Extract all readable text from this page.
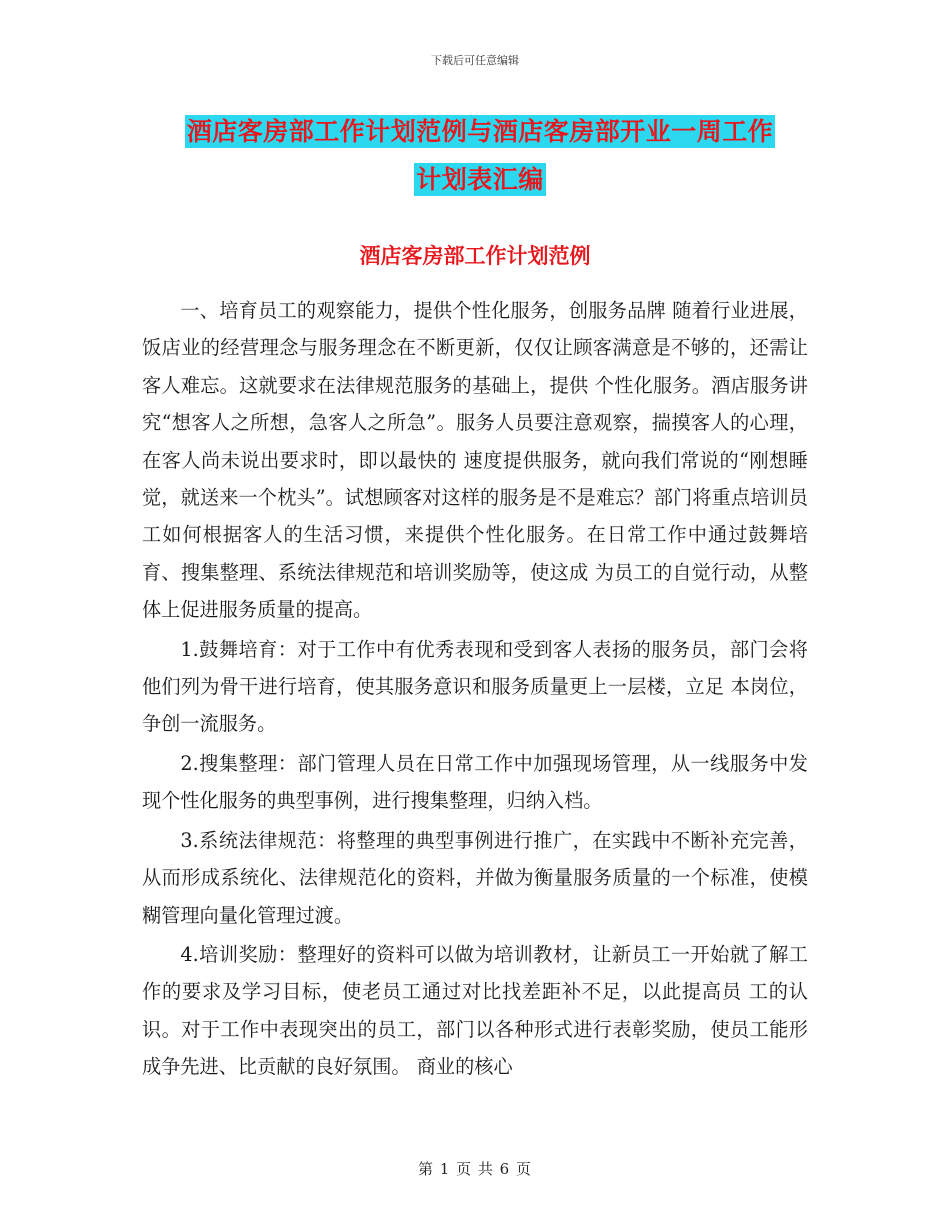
下载后可任意编辑
酒店客房部工作计划范例与酒店客房部开业一周工作
计划表汇编
酒店客房部工作计划范例

一、培育员工的观察能力，提供个性化服务，创服务品牌 随着行业进展，饭店业的经营理念与服务理念在不断更新，仅仅让顾客满意是不够的，还需让客人难忘。这就要求在法律规范服务的基础上，提供 个性化服务。酒店服务讲究“想客人之所想，急客人之所急”。服务人员要注意观察，揣摸客人的心理，在客人尚未说出要求时，即以最快的 速度提供服务，就向我们常说的“刚想睡觉，就送来一个枕头”。试想顾客对这样的服务是不是难忘？部门将重点培训员工如何根据客人的生活习惯，来提供个性化服务。在日常工作中通过鼓舞培育、搜集整理、系统法律规范和培训奖励等，使这成 为员工的自觉行动，从整体上促进服务质量的提高。

1.鼓舞培育：对于工作中有优秀表现和受到客人表扬的服务员，部门会将他们列为骨干进行培育，使其服务意识和服务质量更上一层楼，立足 本岗位，争创一流服务。

2.搜集整理：部门管理人员在日常工作中加强现场管理，从一线服务中发现个性化服务的典型事例，进行搜集整理，归纳入档。

3.系统法律规范：将整理的典型事例进行推广，在实践中不断补充完善，从而形成系统化、法律规范化的资料，并做为衡量服务质量的一个标准，使模 糊管理向量化管理过渡。

4.培训奖励：整理好的资料可以做为培训教材，让新员工一开始就了解工作的要求及学习目标，使老员工通过对比找差距补不足，以此提高员 工的认识。对于工作中表现突出的员工，部门以各种形式进行表彰奖励，使员工能形成争先进、比贡献的良好氛围。 商业的核心

第 1 页 共 6 页
